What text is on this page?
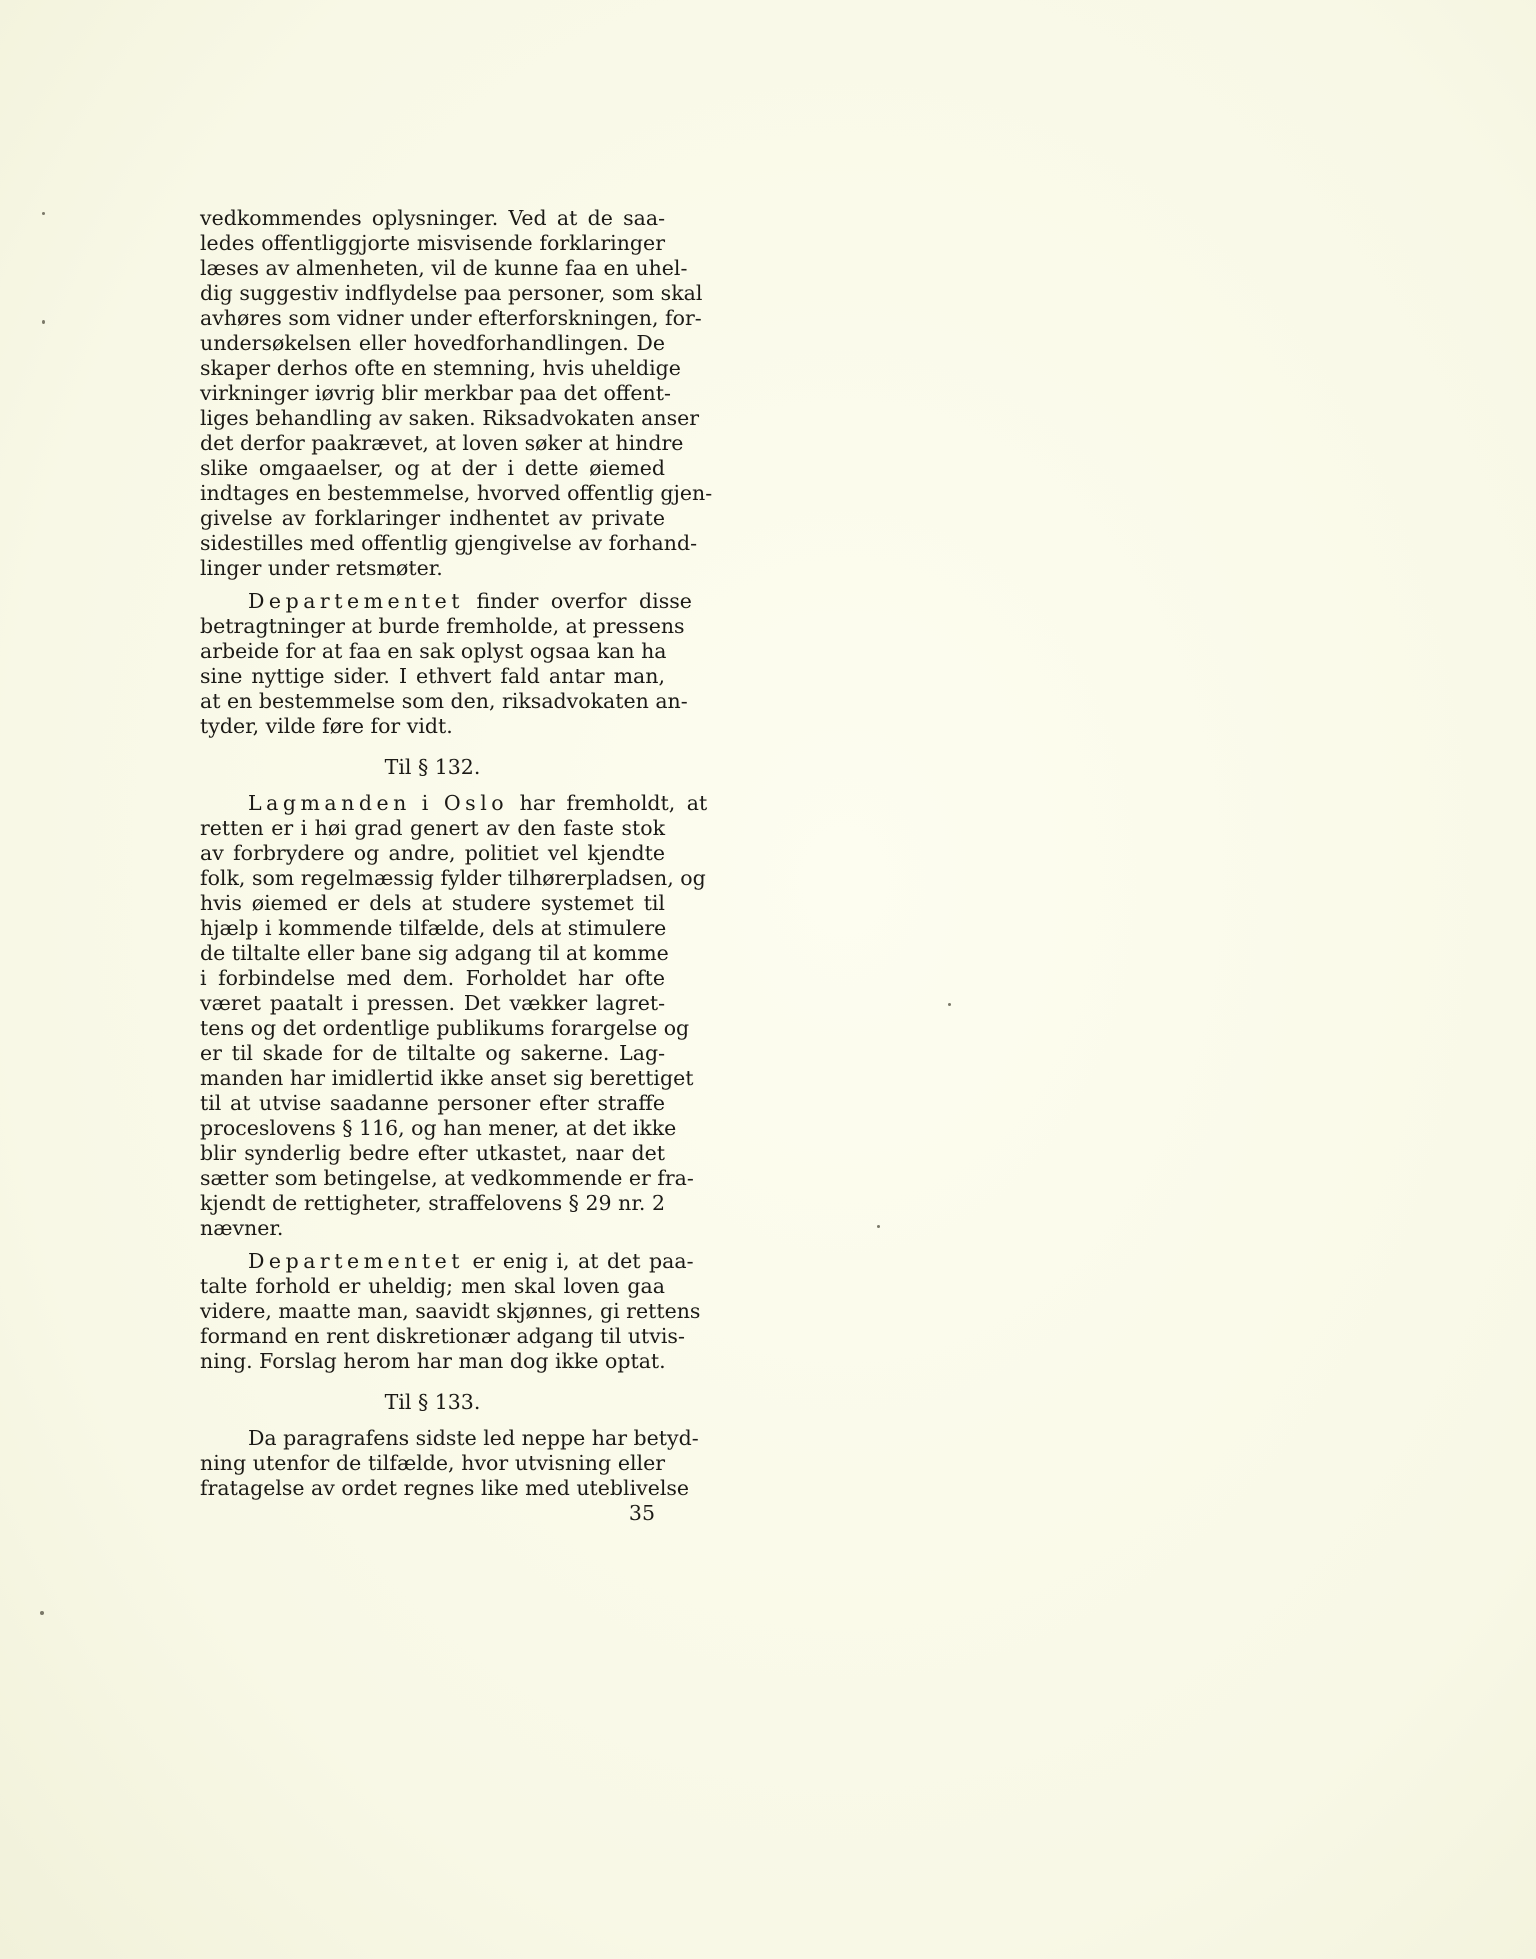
vedkommendes oplysninger. Ved at de saa-
ledes offentliggjorte misvisende forklaringer
læses av almenheten, vil de kunne faa en uhel-
dig suggestiv indflydelse paa personer, som skal
avhøres som vidner under efterforskningen, for-
undersøkelsen eller hovedforhandlingen. De
skaper derhos ofte en stemning, hvis uheldige
virkninger iøvrig blir merkbar paa det offent-
liges behandling av saken. Riksadvokaten anser
det derfor paakrævet, at loven søker at hindre
slike omgaaelser, og at der i dette øiemed
indtages en bestemmelse, hvorved offentlig gjen-
givelse av forklaringer indhentet av private
sidestilles med offentlig gjengivelse av forhand-
linger under retsmøter.
Departementet finder overfor disse
betragtninger at burde fremholde, at pressens
arbeide for at faa en sak oplyst ogsaa kan ha
sine nyttige sider. I ethvert fald antar man,
at en bestemmelse som den, riksadvokaten an-
tyder, vilde føre for vidt.
Til § 132.
Lagmanden i Oslo har fremholdt, at
retten er i høi grad genert av den faste stok
av forbrydere og andre, politiet vel kjendte
folk, som regelmæssig fylder tilhørerpladsen, og
hvis øiemed er dels at studere systemet til
hjælp i kommende tilfælde, dels at stimulere
de tiltalte eller bane sig adgang til at komme
i forbindelse med dem. Forholdet har ofte
været paatalt i pressen. Det vækker lagret-
tens og det ordentlige publikums forargelse og
er til skade for de tiltalte og sakerne. Lag-
manden har imidlertid ikke anset sig berettiget
til at utvise saadanne personer efter straffe
proceslovens § 116, og han mener, at det ikke
blir synderlig bedre efter utkastet, naar det
sætter som betingelse, at vedkommende er fra-
kjendt de rettigheter, straffelovens § 29 nr. 2
nævner.
Departementet er enig i, at det paa-
talte forhold er uheldig; men skal loven gaa
videre, maatte man, saavidt skjønnes, gi rettens
formand en rent diskretionær adgang til utvis-
ning. Forslag herom har man dog ikke optat.
Til § 133.
Da paragrafens sidste led neppe har betyd-
ning utenfor de tilfælde, hvor utvisning eller
fratagelse av ordet regnes like med uteblivelse
35
